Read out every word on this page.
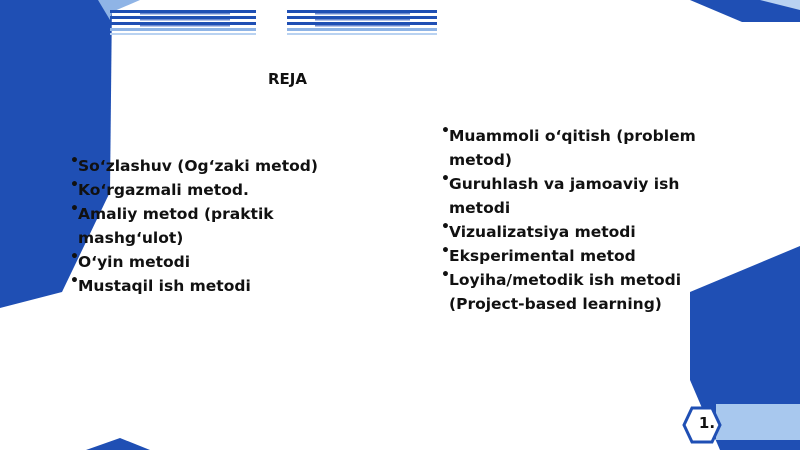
REJA
• So‘zlashuv (Og‘zaki metod)
• Ko‘rgazmali metod.
• Amaliy metod (praktik mashg‘ulot)
• O‘yin metodi
• Mustaqil ish metodi
• Muammoli o‘qitish (problem metod)
• Guruhlash va jamoaviy ish metodi
• Vizualizatsiya metodi
• Eksperimental metod
• Loyiha/metodik ish metodi (Project-based learning)
1.
